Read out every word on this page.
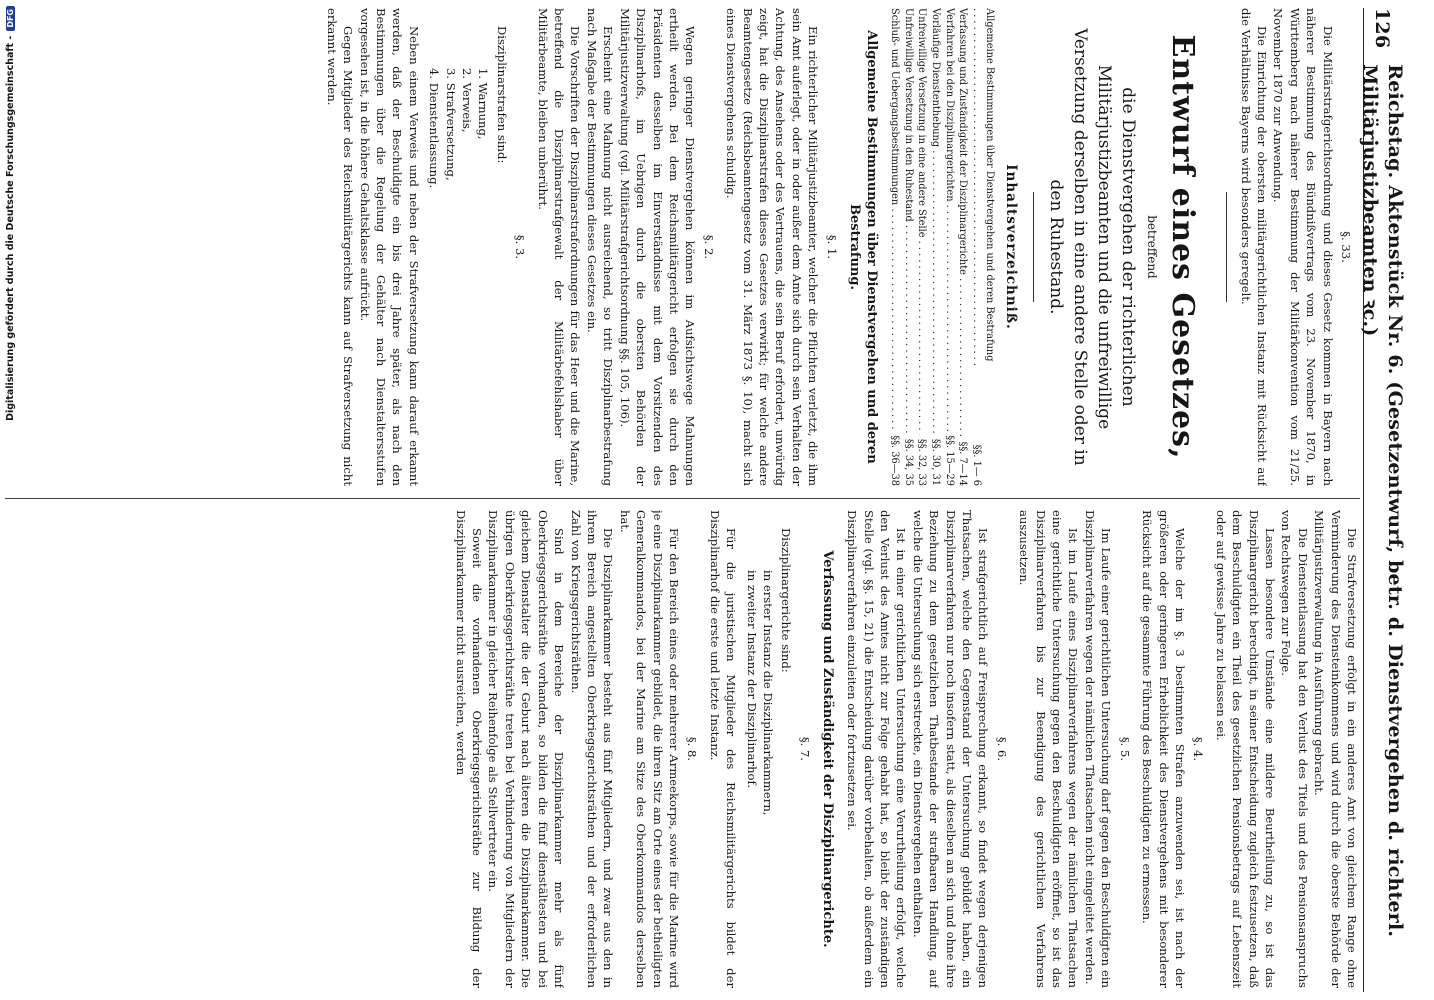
Digitalisierung gefördert durch die Deutsche Forschungsgemeinschaft -
DFG	126
Reichstag. Aktenstück Nr. 6. (Gesetzentwurf, betr. d. Dienstvergehen d. richterl. Militärjustizbeamten ꝛc.)

§. 33.

Die Militärstrafgerichtsordnung und dieses Gesetz kommen in Bayern nach näherer Bestimmung des Bündnißvertrags vom 23. November 1870, in Württemberg nach näherer Bestimmung der Militärkonvention vom 21/25. November 1870 zur Anwendung.

Die Einrichtung der obersten militärgerichtlichen Instanz mit Rücksicht auf die Verhältnisse Bayerns wird besonders geregelt.

Entwurf eines Gesetzes,
betreffend
die Dienstvergehen der richterlichen Militärjustizbeamten und die unfreiwillige Versetzung derselben in eine andere Stelle oder in den Ruhestand.
Inhaltsverzeichniß.
Allgemeine Bestimmungen über Dienstvergehen und deren Bestrafung
. . .
§§. 1— 6
Verfassung und Zuständigkeit der Disziplinargerichte . . .
§§. 7—14
Verfahren bei den Disziplinargerichten . . .
§§. 15—29
Vorläufige Dienstenthebung . . .
§§. 30, 31
Unfreiwillige Versetzung in eine andere Stelle . . .
§§. 32, 33
Unfreiwillige Versetzung in den Ruhestand . . .
§§. 34, 35
Schluß- und Uebergangsbestimmungen . . .
§§. 36—38
Allgemeine Bestimmungen über Dienstvergehen und deren Bestrafung.

§. 1.

Ein richterlicher Militärjustizbeamter, welcher die Pflichten verletzt, die ihm sein Amt auferlegt, oder in oder außer dem Amte sich durch sein Verhalten der Achtung, des Ansehens oder des Vertrauens, die sein Beruf erfordert, unwürdig zeigt, hat die Disziplinarstrafen dieses Gesetzes verwirkt; für welche andere Beamtengesetze (Reichsbeamtengesetz vom 31. März 1873 §. 10), macht sich eines Dienstvergehens schuldig.

§. 2.

Wegen geringer Dienstvergehen können im Aufsichtswege Mahnungen ertheilt werden. Bei dem Reichsmilitärgericht erfolgen sie durch den Präsidenten desselben im Einverständnisse mit dem Vorsitzenden des Disziplinarhofs, im Uebrigen durch die obersten Behörden der Militärjustizverwaltung (vgl. Militärstrafgerichtsordnung §§. 105, 106).

Erscheint eine Mahnung nicht ausreichend, so tritt Disziplinarbestrafung nach Maßgabe der Bestimmungen dieses Gesetzes ein.

Die Vorschriften der Disziplinarstrafordnungen für das Heer und die Marine, betreffend die Disziplinarstrafgewalt der Militärbefehlshaber über Militärbeamte, bleiben unberührt.

§. 3.

Disziplinarstrafen sind:

1. Warnung,
2. Verweis,
3. Strafversetzung,
4. Dienstentlassung.

Neben einem Verweis und neben der Strafversetzung kann darauf erkannt werden, daß der Beschuldigte ein bis drei Jahre später, als nach den Bestimmungen über die Regelung der Gehälter nach Dienstaltersstufen vorgesehen ist, in die höhere Gehaltsklasse aufrückt.

Gegen Mitglieder des Reichsmilitärgerichts kann auf Strafversetzung nicht erkannt werden.

Die Strafversetzung erfolgt in ein anderes Amt von gleichem Range ohne Verminderung des Diensteinkommens und wird durch die oberste Behörde der Militärjustizverwaltung in Ausführung gebracht.

Die Dienstentlassung hat den Verlust des Titels und des Pensionsanspruchs von Rechtswegen zur Folge.

Lassen besondere Umstände eine mildere Beurtheilung zu, so ist das Disziplinargericht berechtigt, in seiner Entscheidung zugleich festzusetzen, daß dem Beschuldigten ein Theil des gesetzlichen Pensionsbetrags auf Lebenszeit oder auf gewisse Jahre zu belassen sei.

§. 4.

Welche der im §. 3 bestimmten Strafen anzuwenden sei, ist nach der größeren oder geringeren Erheblichkeit des Dienstvergehens mit besonderer Rücksicht auf die gesammte Führung des Beschuldigten zu ermessen.

§. 5.

Im Laufe einer gerichtlichen Untersuchung darf gegen den Beschuldigten ein Disziplinarverfahren wegen der nämlichen Thatsachen nicht eingeleitet werden.

Ist im Laufe eines Disziplinarverfahrens wegen der nämlichen Thatsachen eine gerichtliche Untersuchung gegen den Beschuldigten eröffnet, so ist das Disziplinarverfahren bis zur Beendigung des gerichtlichen Verfahrens auszusetzen.

§. 6.

Ist strafgerichtlich auf Freisprechung erkannt, so findet wegen derjenigen Thatsachen, welche den Gegenstand der Untersuchung gebildet haben, ein Disziplinarverfahren nur noch insofern statt, als dieselben an sich und ohne ihre Beziehung zu dem gesetzlichen Thatbestande der strafbaren Handlung, auf welche die Untersuchung sich erstreckte, ein Dienstvergehen enthalten.

Ist in einer gerichtlichen Untersuchung eine Verurtheilung erfolgt, welche den Verlust des Amtes nicht zur Folge gehabt hat, so bleibt der zuständigen Stelle (vgl. §§. 15, 21) die Entscheidung darüber vorbehalten, ob außerdem ein Disziplinarverfahren einzuleiten oder fortzusetzen sei.

Verfassung und Zuständigkeit der Disziplinargerichte.

§. 7.

Disziplinargerichte sind:

in erster Instanz die Disziplinarkammern,
in zweiter Instanz der Disziplinarhof.

Für die juristischen Mitglieder des Reichsmilitärgerichts bildet der Disziplinarhof die erste und letzte Instanz.

§. 8.

Für den Bereich eines oder mehrerer Armeekorps, sowie für die Marine wird je eine Disziplinarkammer gebildet, die ihren Sitz am Orte eines der betheiligten Generalkommandos, bei der Marine am Sitze des Oberkommandos derselben hat.

Die Disziplinarkammer besteht aus fünf Mitgliedern, und zwar aus den in ihrem Bereich angestellten Oberkriegsgerichtsräthen und der erforderlichen Zahl von Kriegsgerichtsräthen.

Sind in dem Bereiche der Disziplinarkammer mehr als fünf Oberkriegsgerichtsräthe vorhanden, so bilden die fünf dienstältesten und bei gleichem Dienstalter die der Geburt nach älteren die Disziplinarkammer. Die übrigen Oberkriegsgerichtsräthe treten bei Verhinderung von Mitgliedern der Disziplinarkammer in gleicher Reihenfolge als Stellvertreter ein.

Soweit die vorhandenen Oberkriegsgerichtsräthe zur Bildung der Disziplinarkammer nicht ausreichen, werden
